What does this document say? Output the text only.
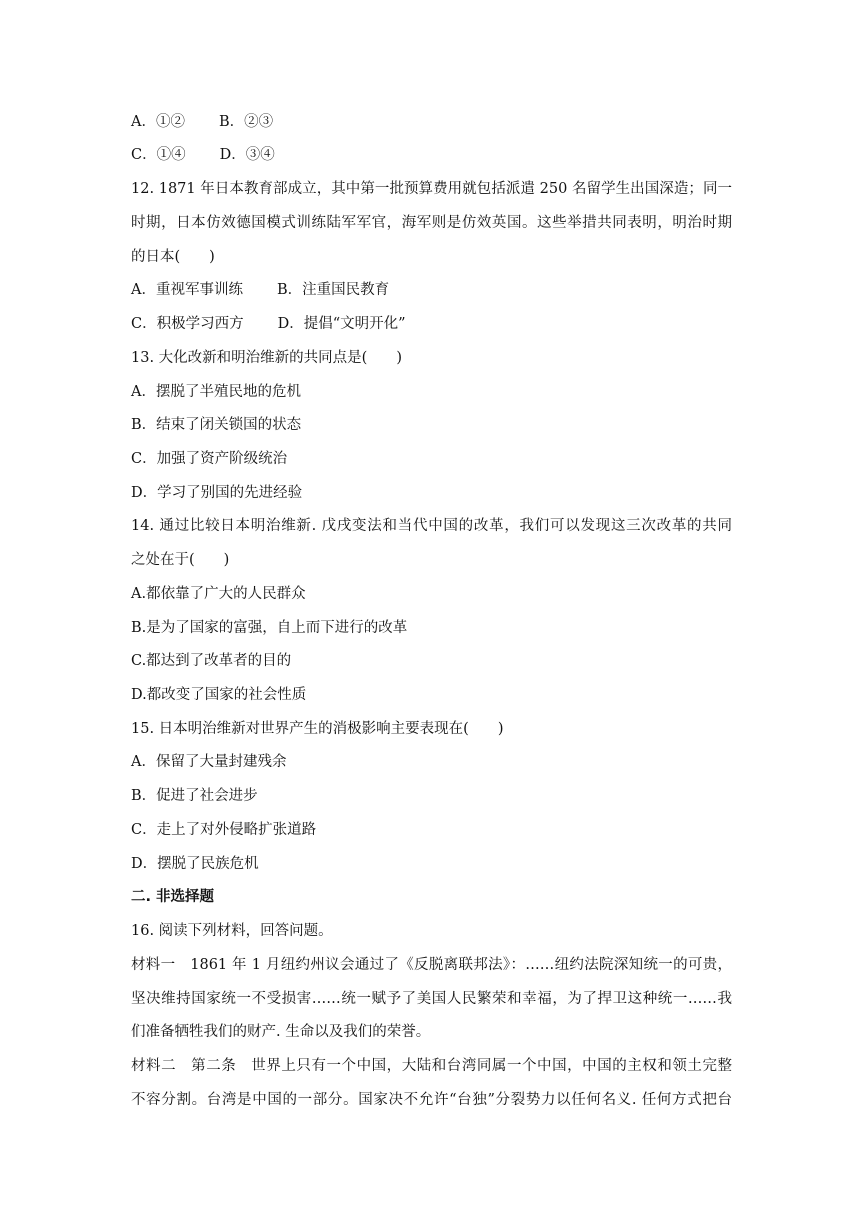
A．①② B．②③
C．①④ D．③④
12. 1871 年日本教育部成立，其中第一批预算费用就包括派遣 250 名留学生出国深造；同一
时期，日本仿效德国模式训练陆军军官，海军则是仿效英国。这些举措共同表明，明治时期
的日本(　　)
A．重视军事训练 B．注重国民教育
C．积极学习西方 D．提倡“文明开化”
13. 大化改新和明治维新的共同点是(　　)
A．摆脱了半殖民地的危机
B．结束了闭关锁国的状态
C．加强了资产阶级统治
D．学习了别国的先进经验
14. 通过比较日本明治维新. 戊戌变法和当代中国的改革，我们可以发现这三次改革的共同
之处在于(　　)
A.都依靠了广大的人民群众
B.是为了国家的富强，自上而下进行的改革
C.都达到了改革者的目的
D.都改变了国家的社会性质
15. 日本明治维新对世界产生的消极影响主要表现在(　　)
A．保留了大量封建残余
B．促进了社会进步
C．走上了对外侵略扩张道路
D．摆脱了民族危机
二. 非选择题
16. 阅读下列材料，回答问题。
材料一　1861 年 1 月纽约州议会通过了《反脱离联邦法》：……纽约法院深知统一的可贵，
坚决维持国家统一不受损害……统一赋予了美国人民繁荣和幸福，为了捍卫这种统一……我
们准备牺牲我们的财产. 生命以及我们的荣誉。
材料二　第二条　世界上只有一个中国，大陆和台湾同属一个中国，中国的主权和领土完整
不容分割。台湾是中国的一部分。国家决不允许“台独”分裂势力以任何名义. 任何方式把台
